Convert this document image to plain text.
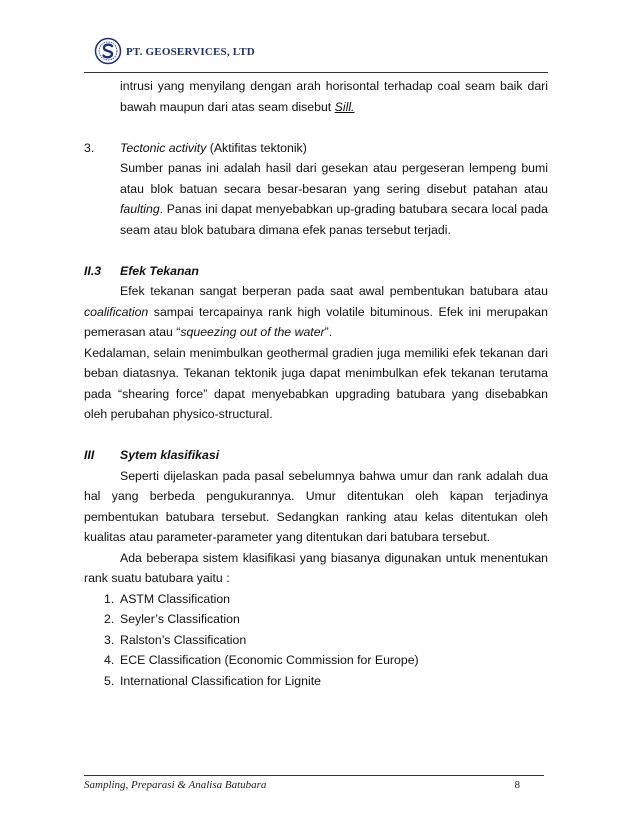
PT. GEOSERVICES, LTD

intrusi yang menyilang dengan arah horisontal terhadap coal seam baik dari bawah maupun dari atas seam disebut Sill.

3.	Tectonic activity (Aktifitas tektonik)

Sumber panas ini adalah hasil dari gesekan atau pergeseran lempeng bumi atau blok batuan secara besar-besaran yang sering disebut patahan atau faulting. Panas ini dapat menyebabkan up-grading batubara secara local pada seam atau blok batubara dimana efek panas tersebut terjadi.

II.3	Efek Tekanan

Efek tekanan sangat berperan pada saat awal pembentukan batubara atau coalification sampai tercapainya rank high volatile bituminous. Efek ini merupakan pemerasan atau “squeezing out of the water”.

Kedalaman, selain menimbulkan geothermal gradien juga memiliki efek tekanan dari beban diatasnya. Tekanan tektonik juga dapat menimbulkan efek tekanan terutama pada “shearing force” dapat menyebabkan upgrading batubara yang disebabkan oleh perubahan physico-structural.

III	Sytem klasifikasi

Seperti dijelaskan pada pasal sebelumnya bahwa umur dan rank adalah dua hal yang berbeda pengukurannya. Umur ditentukan oleh kapan terjadinya pembentukan batubara tersebut. Sedangkan ranking atau kelas ditentukan oleh kualitas atau parameter-parameter yang ditentukan dari batubara tersebut.

Ada beberapa sistem klasifikasi yang biasanya digunakan untuk menentukan rank suatu batubara yaitu :

1. ASTM Classification
2. Seyler’s Classification
3. Ralston’s Classification
4. ECE Classification (Economic Commission for Europe)
5. International Classification for Lignite
Sampling, Preparasi & Analisa Batubara	8
